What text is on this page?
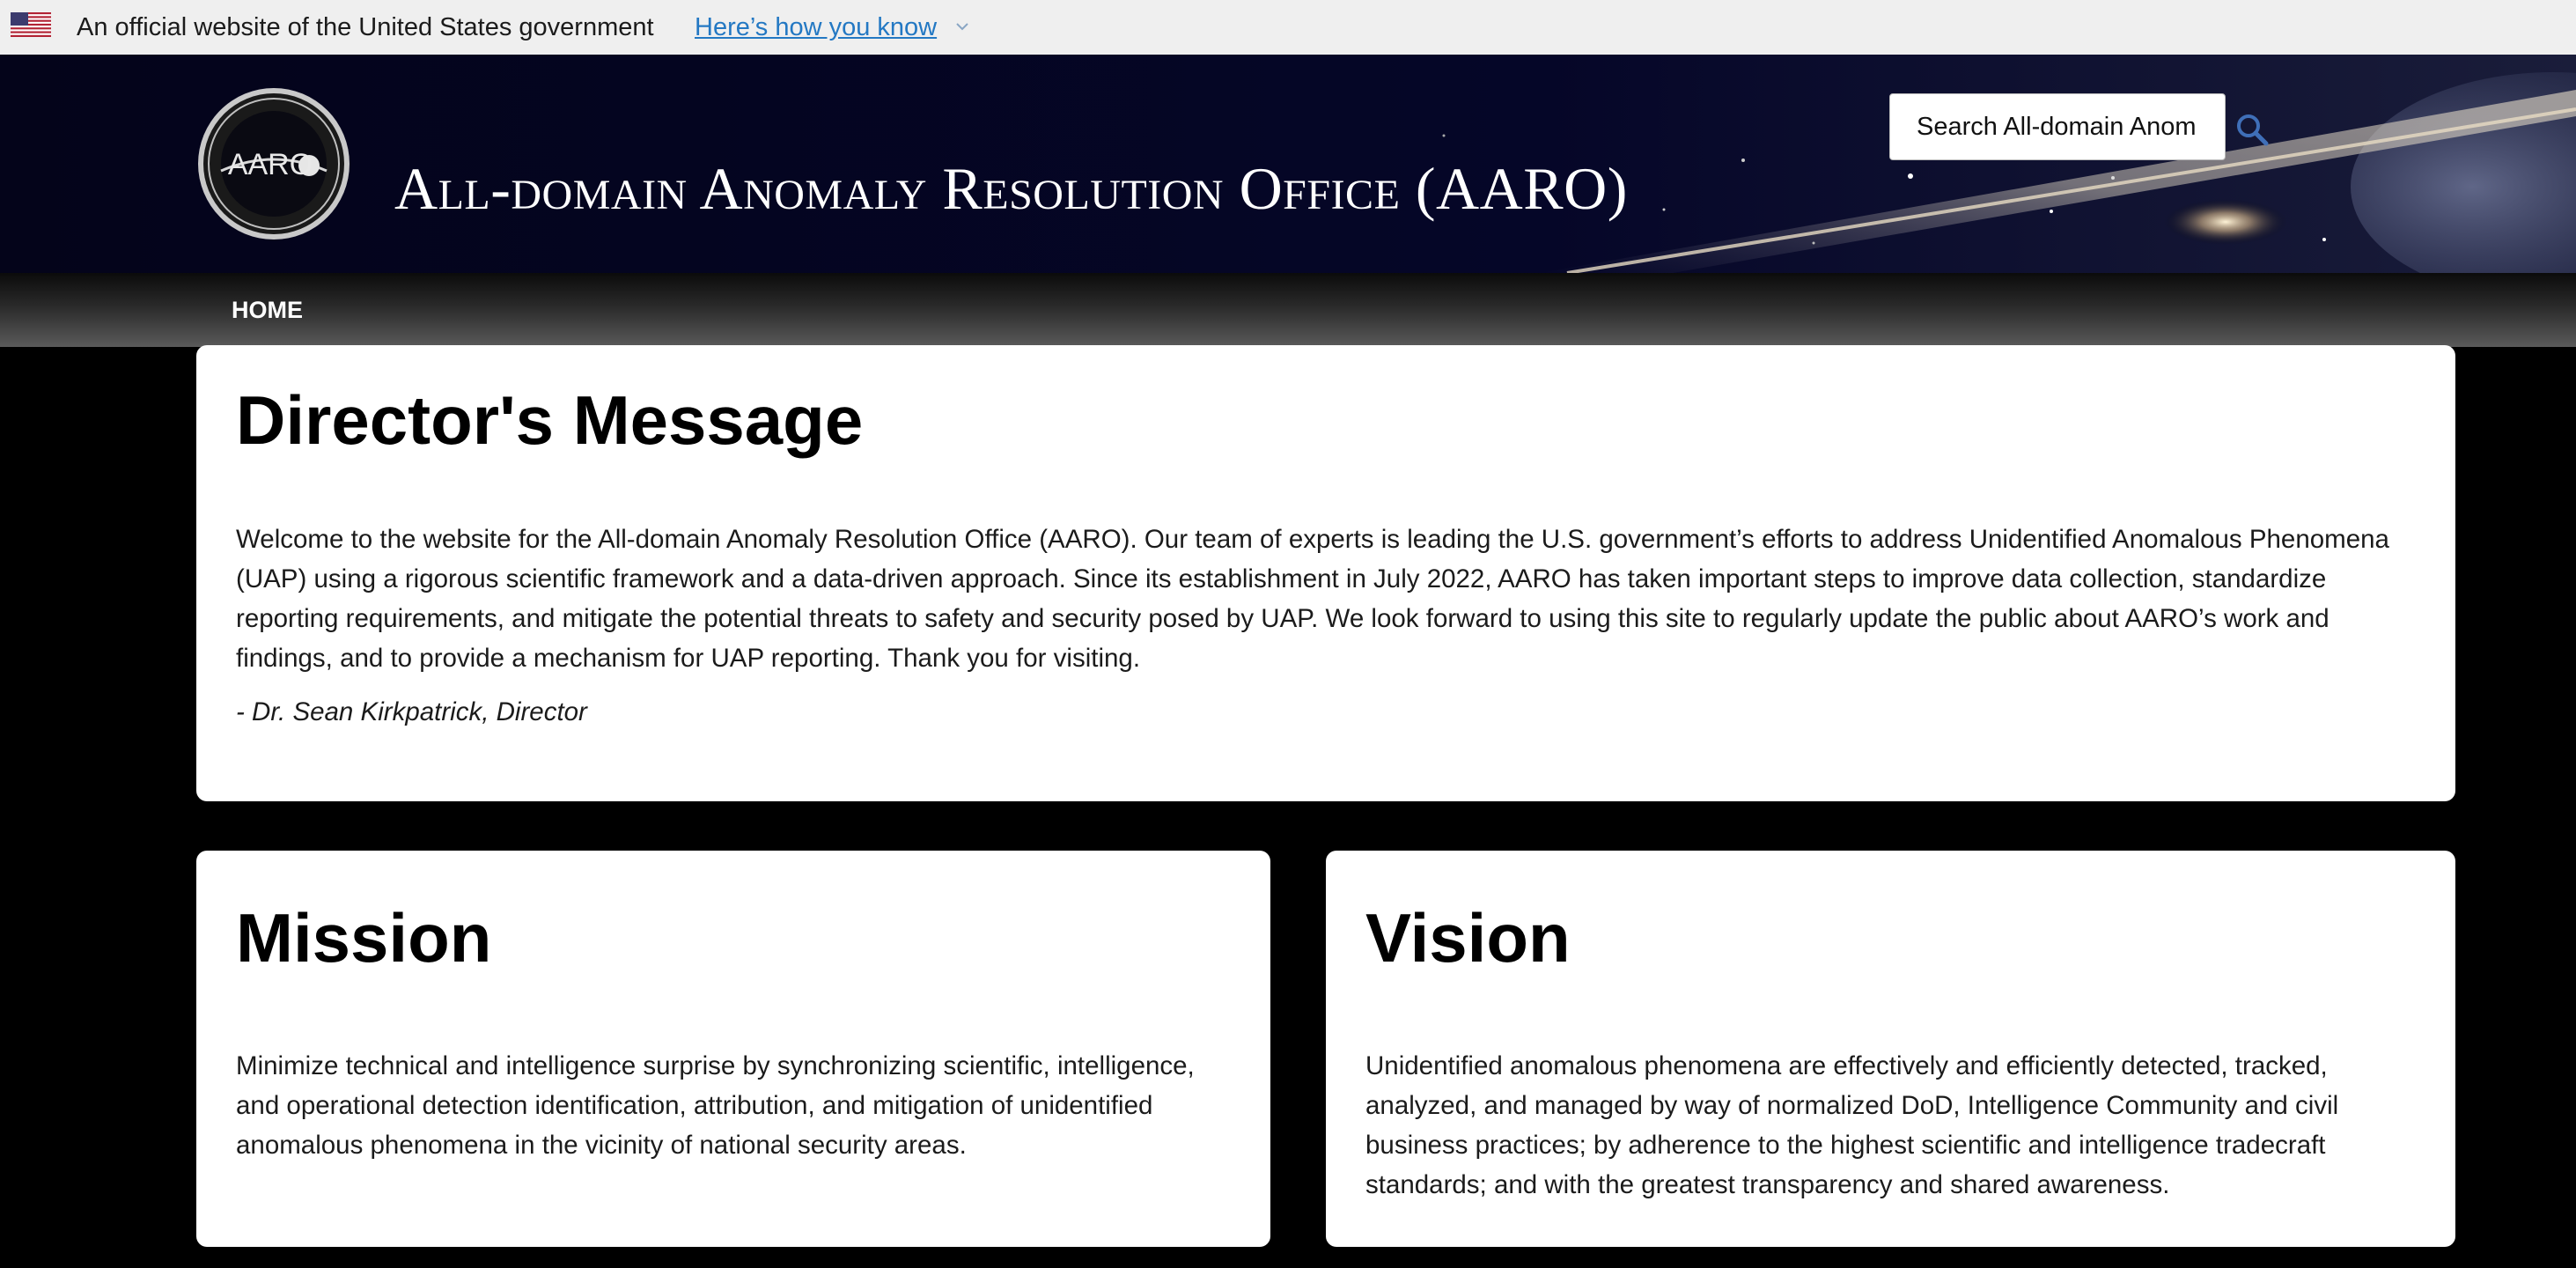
An official website of the United States government Here’s how you know
AARO All-domain Anomaly Resolution Office (AARO)
Search All-domain Anom
HOME
Director's Message

Welcome to the website for the All-domain Anomaly Resolution Office (AARO). Our team of experts is leading the U.S. government’s efforts to address Unidentified Anomalous Phenomena (UAP) using a rigorous scientific framework and a data-driven approach. Since its establishment in July 2022, AARO has taken important steps to improve data collection, standardize reporting requirements, and mitigate the potential threats to safety and security posed by UAP. We look forward to using this site to regularly update the public about AARO’s work and findings, and to provide a mechanism for UAP reporting. Thank you for visiting.

- Dr. Sean Kirkpatrick, Director

Mission

Minimize technical and intelligence surprise by synchronizing scientific, intelligence, and operational detection identification, attribution, and mitigation of unidentified anomalous phenomena in the vicinity of national security areas.

Vision

Unidentified anomalous phenomena are effectively and efficiently detected, tracked, analyzed, and managed by way of normalized DoD, Intelligence Community and civil business practices; by adherence to the highest scientific and intelligence tradecraft standards; and with the greatest transparency and shared awareness.
